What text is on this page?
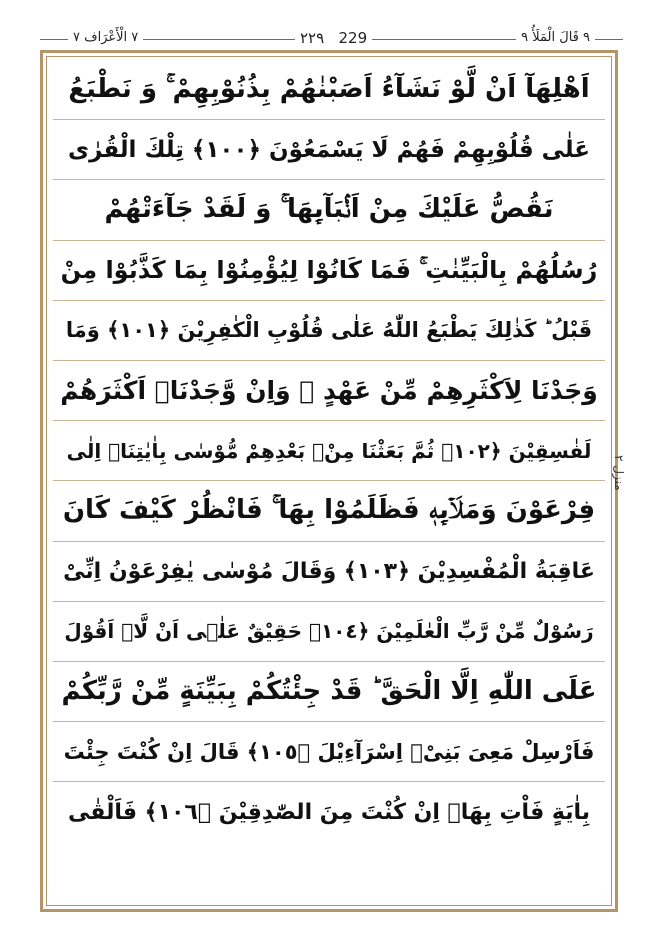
٧ الْأَعْرَاف ٧	٢٢٩ 229	٩ قَالَ الْمَلَأُ ٩
اَهْلِهَآ اَنْ لَّوْ نَشَآءُ اَصَبْنٰهُمْ بِذُنُوْبِهِمْ ۚ وَ نَطْبَعُ
عَلٰی قُلُوْبِهِمْ فَهُمْ لَا یَسْمَعُوْنَ ﴿١٠٠﴾ تِلْكَ الْقُرٰی
نَقُصُّ عَلَیْكَ مِنْ اَنْۢبَآىِٕهَا ۚ وَ لَقَدْ جَآءَتْهُمْ
رُسُلُهُمْ بِالْبَیِّنٰتِ ۚ فَمَا كَانُوْا لِیُؤْمِنُوْا بِمَا كَذَّبُوْا مِنْ
قَبْلُ ؕ كَذٰلِكَ یَطْبَعُ اللّٰهُ عَلٰی قُلُوْبِ الْكٰفِرِیْنَ ﴿١٠١﴾ وَمَا
وَجَدْنَا لِاَكْثَرِهِمْ مِّنْ عَهْدٍ ۚ وَاِنْ وَّجَدْنَاۤ اَكْثَرَهُمْ
لَفٰسِقِیْنَ ﴿١٠٢﴾ ثُمَّ بَعَثْنَا مِنْۢ بَعْدِهِمْ مُّوْسٰی بِاٰیٰتِنَاۤ اِلٰی
فِرْعَوْنَ وَمَلَاۡىِٕهٖ فَظَلَمُوْا بِهَا ۚ فَانْظُرْ كَیْفَ كَانَ
عَاقِبَةُ الْمُفْسِدِیْنَ ﴿١٠٣﴾ وَقَالَ مُوْسٰی یٰفِرْعَوْنُ اِنِّیْ
رَسُوْلٌ مِّنْ رَّبِّ الْعٰلَمِیْنَ ﴿١٠٤﴾ حَقِیْقٌ عَلٰۤی اَنْ لَّاۤ اَقُوْلَ
عَلَی اللّٰهِ اِلَّا الْحَقَّ ؕ قَدْ جِئْتُكُمْ بِبَیِّنَةٍ مِّنْ رَّبِّكُمْ
فَاَرْسِلْ مَعِیَ بَنِیْۤ اِسْرَآءِیْلَ ﴿١٠٥﴾ قَالَ اِنْ كُنْتَ جِئْتَ
بِاٰیَةٍ فَاْتِ بِهَاۤ اِنْ كُنْتَ مِنَ الصّٰدِقِیْنَ ﴿١٠٦﴾ فَاَلْقٰی
منزل ٢
